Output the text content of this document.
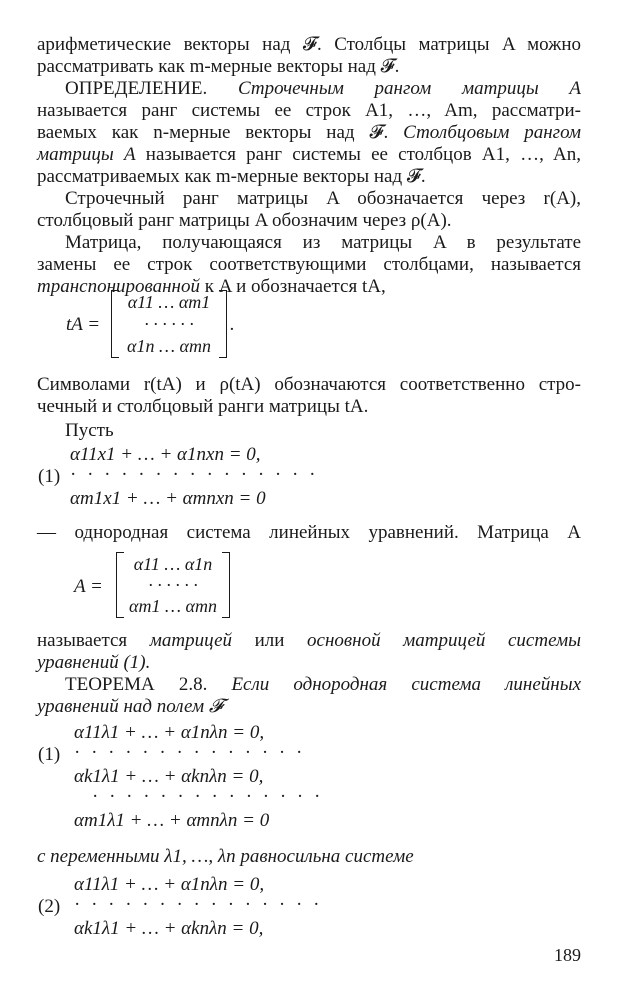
арифметические векторы над 𝓕. Столбцы матрицы A можно

рассматривать как m-мерные векторы над 𝓕.

ОПРЕДЕЛЕНИЕ. Строчечным рангом матрицы A

называется ранг системы ее строк A1, …, Am, рассматри-

ваемых как n-мерные векторы над 𝓕. Столбцовым рангом

матрицы A называется ранг системы ее столбцов A1, …, An,

рассматриваемых как m-мерные векторы над 𝓕.

Строчечный ранг матрицы A обозначается через r(A),

столбцовый ранг матрицы A обозначим через ρ(A).

Матрица, получающаяся из матрицы A в результате

замены ее строк соответствующими столбцами, называется

транспонированной к A и обозначается tA,

tA =
α11 … αm1
· · · · · ·
α1n … αmn
.

Символами r(tA) и ρ(tA) обозначаются соответственно стро-

чечный и столбцовый ранги матрицы tA.

Пусть

α11x1 + … + α1nxn = 0,
(1) · · · · · · · · · · · · · · ·
αm1x1 + … + αmnxn = 0

— однородная система линейных уравнений. Матрица A

A =
α11 … α1n
· · · · · ·
αm1 … αmn

называется матрицей или основной матрицей системы

уравнений (1).

ТЕОРЕМА 2.8. Если однородная система линейных

уравнений над полем 𝓕

α11λ1 + … + α1nλn = 0,
(1) · · · · · · · · · · · · · ·
αk1λ1 + … + αknλn = 0,
· · · · · · · · · · · · · ·
αm1λ1 + … + αmnλn = 0

с переменными λ1, …, λn равносильна системе

α11λ1 + … + α1nλn = 0,
(2) · · · · · · · · · · · · · · ·
αk1λ1 + … + αknλn = 0,
189
